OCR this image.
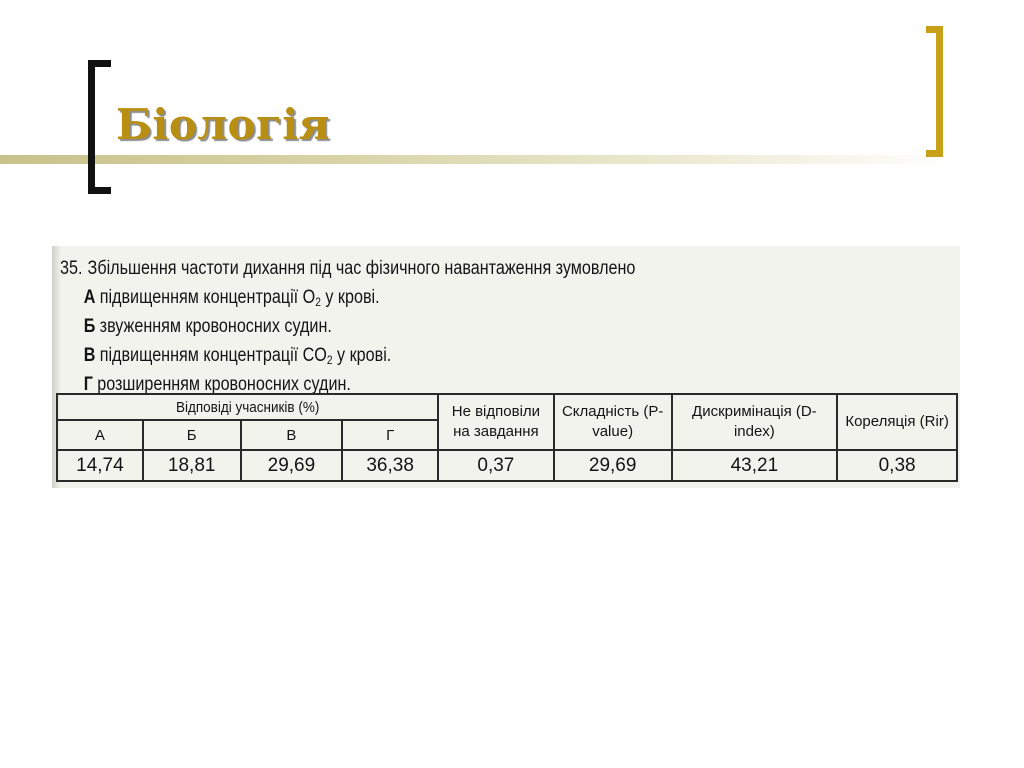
Біологія
35. Збільшення частоти дихання під час фізичного навантаження зумовлено
А підвищенням концентрації $O_2$ у крові.
Б звуженням кровоносних судин.
В підвищенням концентрації $CO_2$ у крові.
Г розширенням кровоносних судин.
Відповіді учасників (%)				Не відповіли на завдання	Складність (P-value)	Дискримінація (D-index)	Кореляція (Rir)
А	Б	В	Г				
14,74	18,81	29,69	36,38	0,37	29,69	43,21	0,38
